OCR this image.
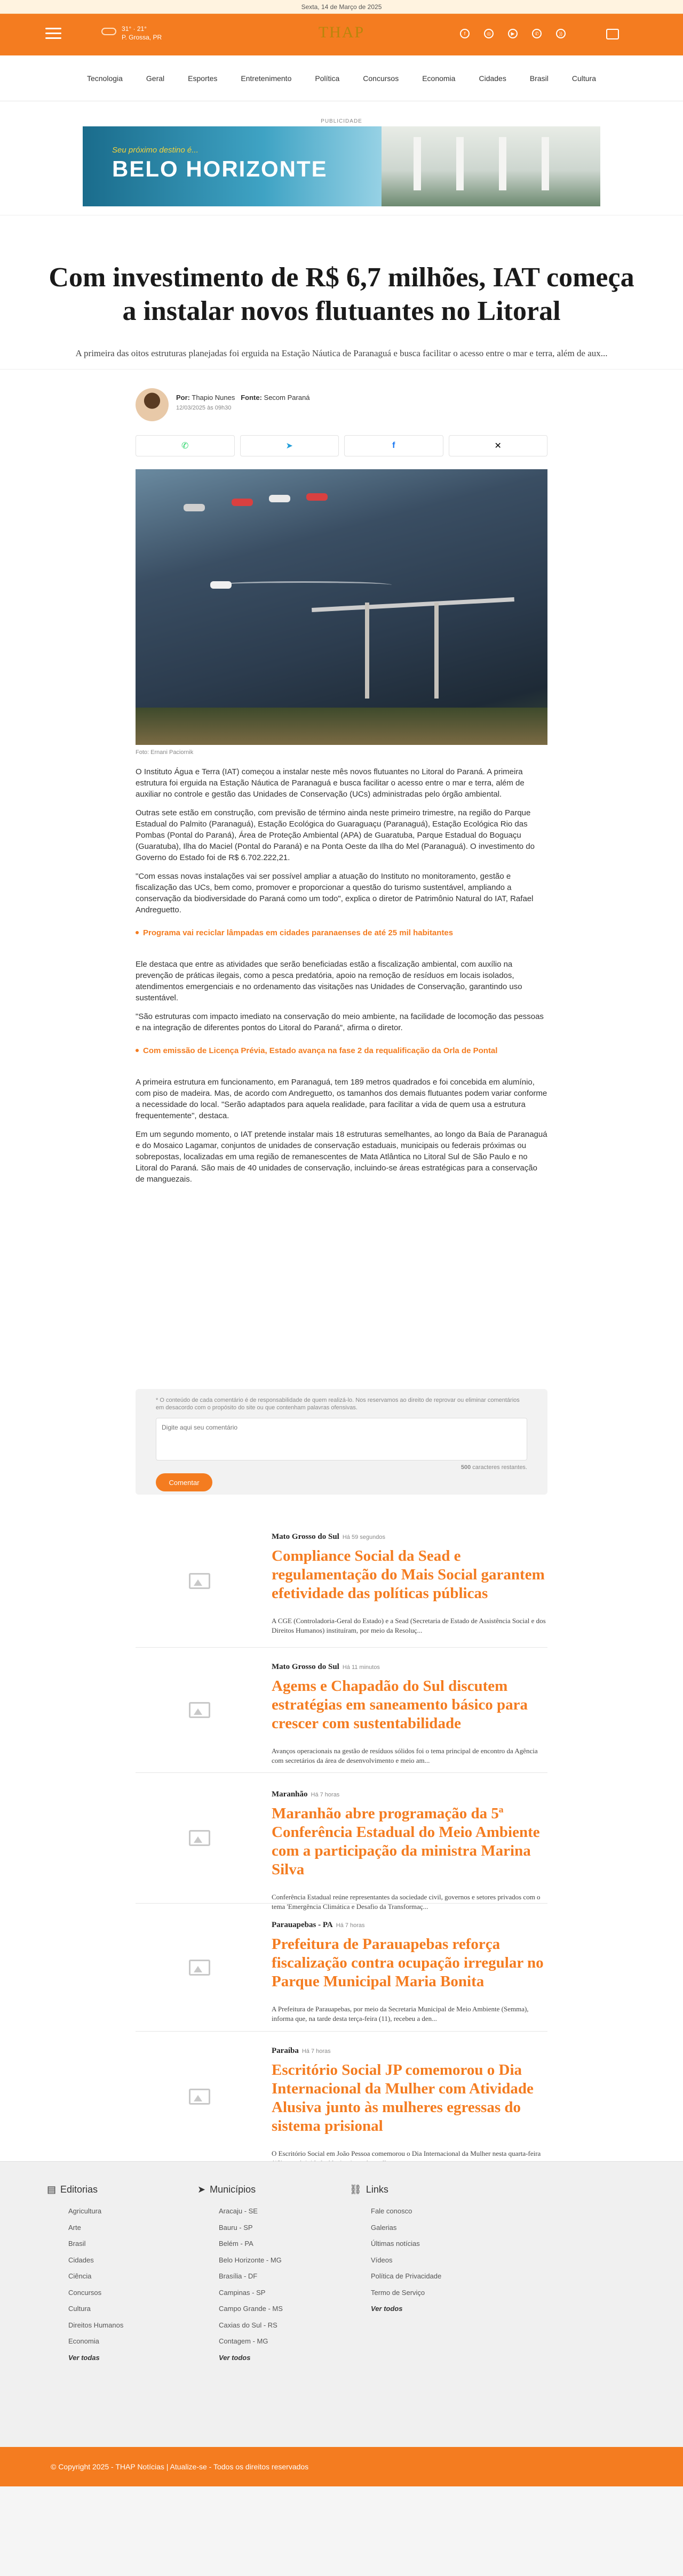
Sexta, 14 de Março de 2025
31° · 21°
P. Grossa, PR	THAP	f	◎	▶	✆	))
Tecnologia	Geral	Esportes	Entretenimento	Política	Concursos	Economia	Cidades	Brasil	Cultura
PUBLICIDADE
Seu próximo destino é...
BELO HORIZONTE
Com investimento de R$ 6,7 milhões, IAT começa a instalar novos flutuantes no Litoral

A primeira das oitos estruturas planejadas foi erguida na Estação Náutica de Paranaguá e busca facilitar o acesso entre o mar e terra, além de aux...

Por: Thapio Nunes Fonte: Secom Paraná
12/03/2025 às 09h30
✆	➤	f	✕
Foto: Ernani Paciornik

O Instituto Água e Terra (IAT) começou a instalar neste mês novos flutuantes no Litoral do Paraná. A primeira estrutura foi erguida na Estação Náutica de Paranaguá e busca facilitar o acesso entre o mar e terra, além de auxiliar no controle e gestão das Unidades de Conservação (UCs) administradas pelo órgão ambiental.

Outras sete estão em construção, com previsão de término ainda neste primeiro trimestre, na região do Parque Estadual do Palmito (Paranaguá), Estação Ecológica do Guaraguaçu (Paranaguá), Estação Ecológica Rio das Pombas (Pontal do Paraná), Área de Proteção Ambiental (APA) de Guaratuba, Parque Estadual do Boguaçu (Guaratuba), Ilha do Maciel (Pontal do Paraná) e na Ponta Oeste da Ilha do Mel (Paranaguá). O investimento do Governo do Estado foi de R$ 6.702.222,21.

"Com essas novas instalações vai ser possível ampliar a atuação do Instituto no monitoramento, gestão e fiscalização das UCs, bem como, promover e proporcionar a questão do turismo sustentável, ampliando a conservação da biodiversidade do Paraná como um todo", explica o diretor de Patrimônio Natural do IAT, Rafael Andreguetto.

Programa vai reciclar lâmpadas em cidades paranaenses de até 25 mil habitantes

Ele destaca que entre as atividades que serão beneficiadas estão a fiscalização ambiental, com auxílio na prevenção de práticas ilegais, como a pesca predatória, apoio na remoção de resíduos em locais isolados, atendimentos emergenciais e no ordenamento das visitações nas Unidades de Conservação, garantindo uso sustentável.

"São estruturas com impacto imediato na conservação do meio ambiente, na facilidade de locomoção das pessoas e na integração de diferentes pontos do Litoral do Paraná", afirma o diretor.

Com emissão de Licença Prévia, Estado avança na fase 2 da requalificação da Orla de Pontal

A primeira estrutura em funcionamento, em Paranaguá, tem 189 metros quadrados e foi concebida em alumínio, com piso de madeira. Mas, de acordo com Andreguetto, os tamanhos dos demais flutuantes podem variar conforme a necessidade do local. "Serão adaptados para aquela realidade, para facilitar a vida de quem usa a estrutura frequentemente", destaca.

Em um segundo momento, o IAT pretende instalar mais 18 estruturas semelhantes, ao longo da Baía de Paranaguá e do Mosaico Lagamar, conjuntos de unidades de conservação estaduais, municipais ou federais próximas ou sobrepostas, localizadas em uma região de remanescentes de Mata Atlântica no Litoral Sul de São Paulo e no Litoral do Paraná. São mais de 40 unidades de conservação, incluindo-se áreas estratégicas para a conservação de manguezais.

* O conteúdo de cada comentário é de responsabilidade de quem realizá-lo. Nos reservamos ao direito de reprovar ou eliminar comentários em desacordo com o propósito do site ou que contenham palavras ofensivas.
Digite aqui seu comentário
500 caracteres restantes.
Comentar
Mato Grosso do Sul Há 59 segundos
Compliance Social da Sead e regulamentação do Mais Social garantem efetividade das políticas públicas
A CGE (Controladoria-Geral do Estado) e a Sead (Secretaria de Estado de Assistência Social e dos Direitos Humanos) instituíram, por meio da Resoluç...
Mato Grosso do Sul Há 11 minutos
Agems e Chapadão do Sul discutem estratégias em saneamento básico para crescer com sustentabilidade
Avanços operacionais na gestão de resíduos sólidos foi o tema principal de encontro da Agência com secretários da área de desenvolvimento e meio am...
Maranhão Há 7 horas
Maranhão abre programação da 5ª Conferência Estadual do Meio Ambiente com a participação da ministra Marina Silva
Conferência Estadual reúne representantes da sociedade civil, governos e setores privados com o tema 'Emergência Climática e Desafio da Transformaç...
Parauapebas - PA Há 7 horas
Prefeitura de Parauapebas reforça fiscalização contra ocupação irregular no Parque Municipal Maria Bonita
A Prefeitura de Parauapebas, por meio da Secretaria Municipal de Meio Ambiente (Semma), informa que, na tarde desta terça-feira (11), recebeu a den...
Paraíba Há 7 horas
Escritório Social JP comemorou o Dia Internacional da Mulher com Atividade Alusiva junto às mulheres egressas do sistema prisional
O Escritório Social em João Pessoa comemorou o Dia Internacional da Mulher nesta quarta-feira
▤ Editorias
Agricultura
Arte
Brasil
Cidades
Ciência
Concursos
Cultura
Direitos Humanos
Economia
Ver todas
➤ Municípios
Aracaju - SE
Bauru - SP
Belém - PA
Belo Horizonte - MG
Brasília - DF
Campinas - SP
Campo Grande - MS
Caxias do Sul - RS
Contagem - MG
Ver todos
⛓ Links
Fale conosco
Galerias
Últimas notícias
Vídeos
Política de Privacidade
Termo de Serviço
Ver todos
© Copyright 2025 - THAP Notícias | Atualize-se - Todos os direitos reservados
